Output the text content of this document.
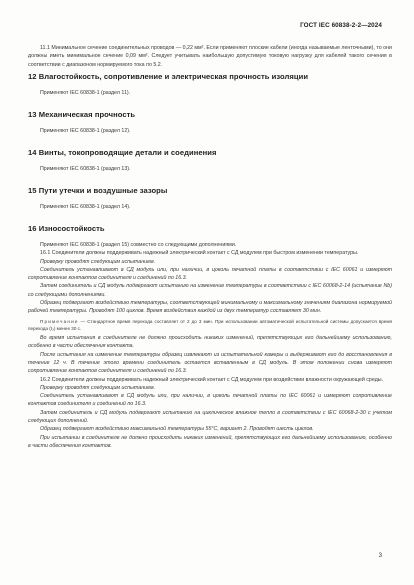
ГОСТ IEC 60838-2-2—2024
11.1 Минимальное сечение соединительных проводов — 0,22 мм². Если применяют плоские кабели (иногда называемые ленточными), то они должны иметь минимальное сечение 0,09 мм². Следует учитывать наибольшую допустимую токовую нагрузку для кабелей такого сечения в соответствии с диапазоном нормируемого тока по 5.2.
12 Влагостойкость, сопротивление и электрическая прочность изоляции
Применяют IEC 60838-1 (раздел 11).
13 Механическая прочность
Применяют IEC 60838-1 (раздел 12).
14 Винты, токопроводящие детали и соединения
Применяют IEC 60838-1 (раздел 13).
15 Пути утечки и воздушные зазоры
Применяют IEC 60838-1 (раздел 14).
16 Износостойкость

Применяют IEC 60838-1 (раздел 15) совместно со следующими дополнениями.

16.1 Соединители должны поддерживать надежный электрический контакт с СД модулем при быстром изменении температуры.

Проверку проводят следующим испытанием.

Соединитель устанавливают в СД модуль или, при наличии, в цоколь печатной платы в соответствии с IEC 60061 и измеряют сопротивление контактов соединителя и соединений по 16.3.

Затем соединитель и СД модуль подвергают испытанию на изменение температуры в соответствии с IEC 60068-2-14 (испытание Nb) со следующими дополнениями.

Образец подвергают воздействию температуры, соответствующей минимальному и максимальному значениям диапазона нормируемой рабочей температуры. Проводят 100 циклов. Время воздействия каждой из двух температур составляет 30 мин.

Примечание — Стандартное время перехода составляет от 2 до 3 мин. При использовании автоматической испытательной системы допускается время перехода (t₂) менее 30 с.

Во время испытания в соединителе не должно происходить никаких изменений, препятствующих его дальнейшему использованию, особенно в части обеспечения контакта.

После испытания на изменение температуры образец извлекают из испытательной камеры и выдерживают его до восстановления в течение 12 ч. В течение этого времени соединитель остается вставленным в СД модуль. В этом положении снова измеряют сопротивление контактов соединителя и соединений по 16.3.

16.2 Соединители должны поддерживать надежный электрический контакт с СД модулем при воздействии влажности окружающей среды.

Проверку проводят следующим испытанием.

Соединитель устанавливают в СД модуль или, при наличии, в цоколь печатной платы по IEC 60061 и измеряют сопротивление контактов соединителя и соединений по 16.3.

Затем соединитель и СД модуль подвергают испытанию на циклическое влажное тепло в соответствии с IEC 60068-2-30 с учетом следующих дополнений.

Образец подвергают воздействию максимальной температуры 55°С, вариант 2. Проводят шесть циклов.

При испытании в соединителе не должно происходить никаких изменений, препятствующих его дальнейшему использованию, особенно в части обеспечения контактов.

3
